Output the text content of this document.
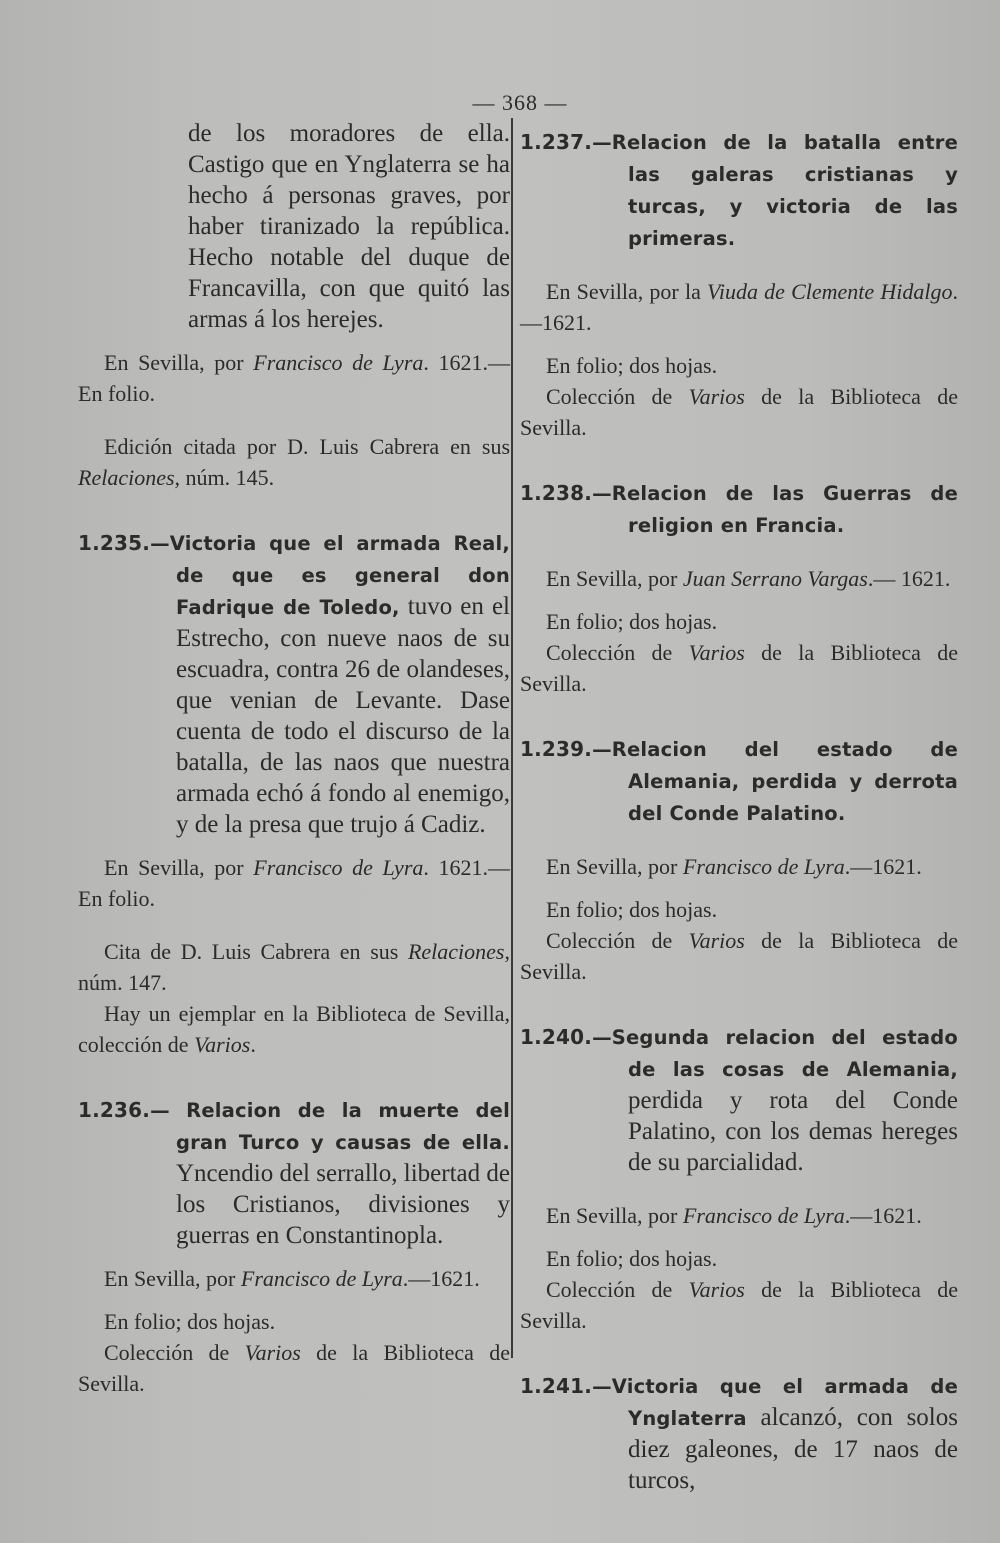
— 368 —

de los moradores de ella. Castigo que en Ynglaterra se ha hecho á personas graves, por haber tiranizado la república. Hecho notable del duque de Francavilla, con que quitó las armas á los herejes.

En Sevilla, por Francisco de Lyra. 1621.— En folio.

Edición citada por D. Luis Cabrera en sus Relaciones, núm. 145.

1.235.—Victoria que el armada Real, de que es general don Fadrique de Toledo, tuvo en el Estrecho, con nueve naos de su escuadra, contra 26 de olandeses, que venian de Levante. Dase cuenta de todo el discurso de la batalla, de las naos que nuestra armada echó á fondo al enemigo, y de la presa que trujo á Cadiz.

En Sevilla, por Francisco de Lyra. 1621.— En folio.

Cita de D. Luis Cabrera en sus Relaciones, núm. 147.

Hay un ejemplar en la Biblioteca de Sevilla, colección de Varios.

1.236.— Relacion de la muerte del gran Turco y causas de ella. Yncendio del serrallo, libertad de los Cristianos, divisiones y guerras en Constantinopla.

En Sevilla, por Francisco de Lyra.—1621.

En folio; dos hojas.

Colección de Varios de la Biblioteca de Sevilla.

1.237.—Relacion de la batalla entre las galeras cristianas y turcas, y victoria de las primeras.

En Sevilla, por la Viuda de Clemente Hidalgo.—1621.

En folio; dos hojas.

Colección de Varios de la Biblioteca de Sevilla.

1.238.—Relacion de las Guerras de religion en Francia.

En Sevilla, por Juan Serrano Vargas.— 1621.

En folio; dos hojas.

Colección de Varios de la Biblioteca de Sevilla.

1.239.—Relacion del estado de Alemania, perdida y derrota del Conde Palatino.

En Sevilla, por Francisco de Lyra.—1621.

En folio; dos hojas.

Colección de Varios de la Biblioteca de Sevilla.

1.240.—Segunda relacion del estado de las cosas de Alemania, perdida y rota del Conde Palatino, con los demas hereges de su parcialidad.

En Sevilla, por Francisco de Lyra.—1621.

En folio; dos hojas.

Colección de Varios de la Biblioteca de Sevilla.

1.241.—Victoria que el armada de Ynglaterra alcanzó, con solos diez galeones, de 17 naos de turcos,
